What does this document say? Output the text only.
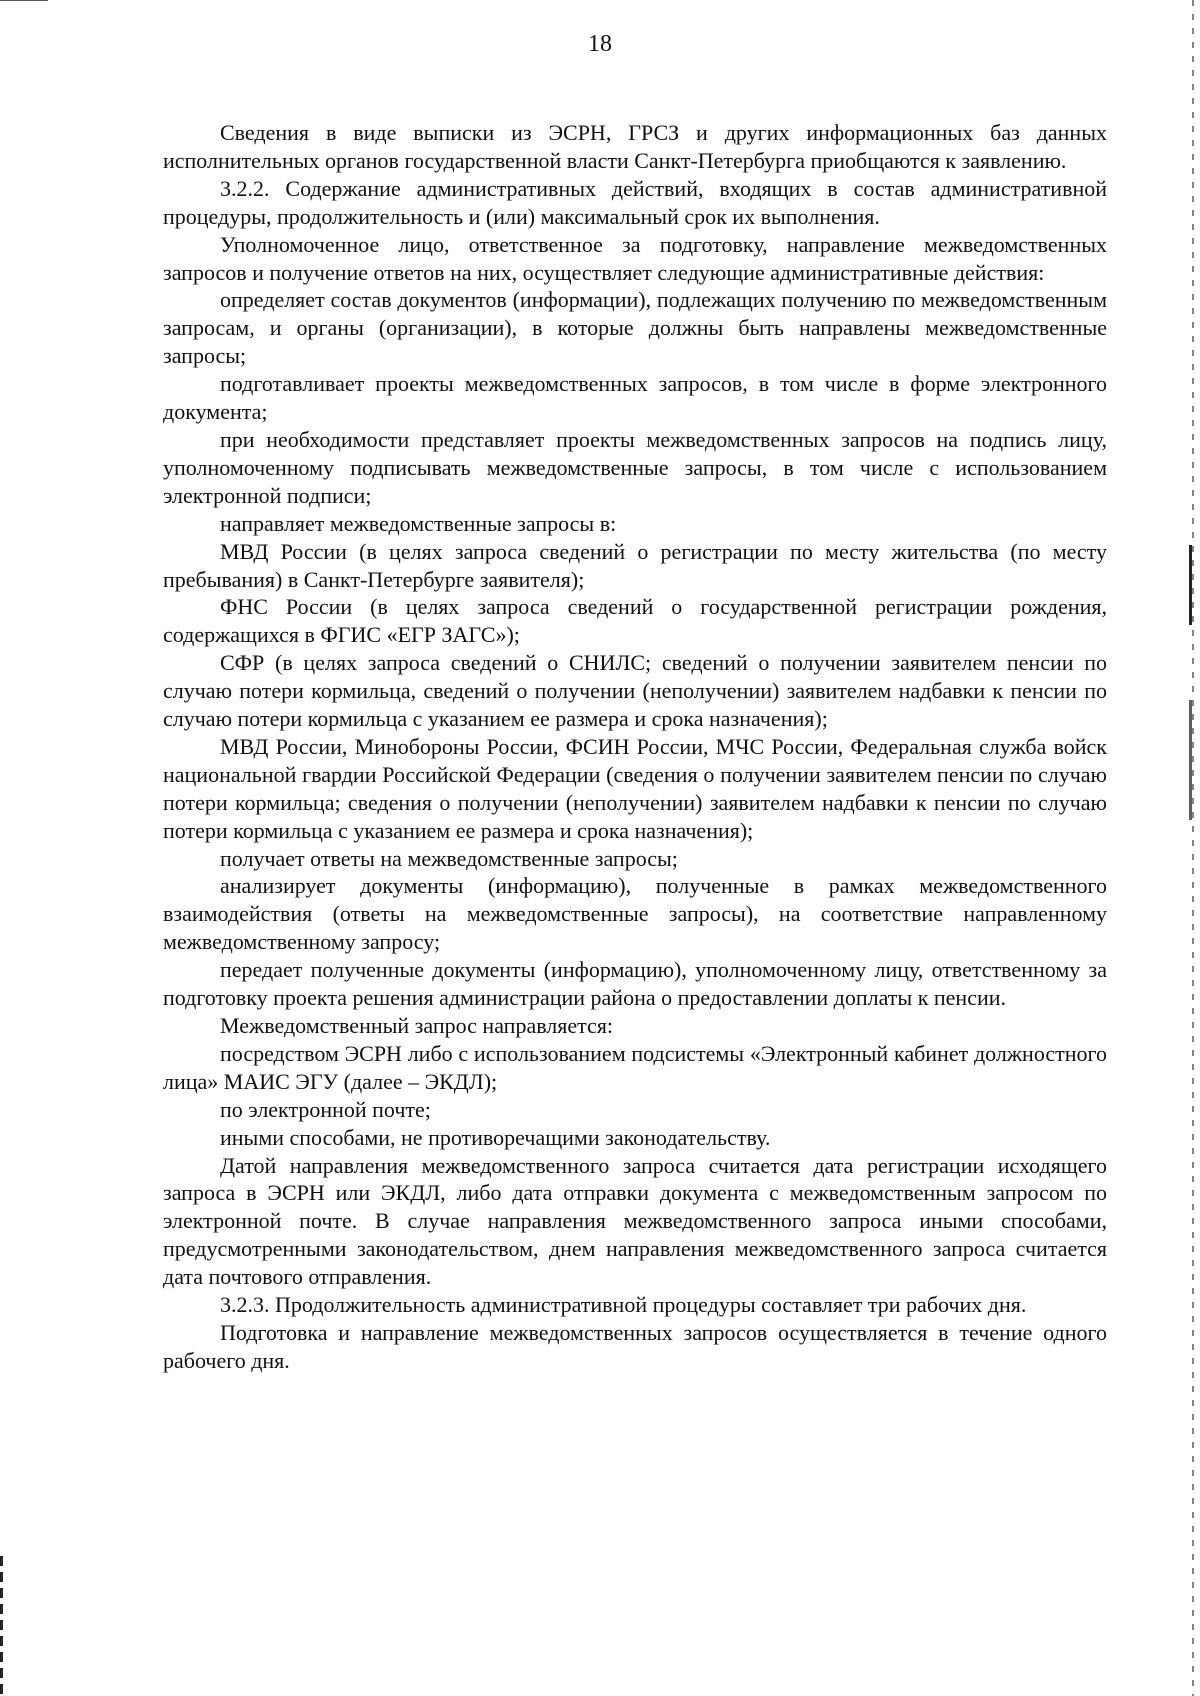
18

Сведения в виде выписки из ЭСРН, ГРСЗ и других информационных баз данных исполнительных органов государственной власти Санкт-Петербурга приобщаются к заявлению.

3.2.2. Содержание административных действий, входящих в состав административной процедуры, продолжительность и (или) максимальный срок их выполнения.

Уполномоченное лицо, ответственное за подготовку, направление межведомственных запросов и получение ответов на них, осуществляет следующие административные действия:

определяет состав документов (информации), подлежащих получению по межведомственным запросам, и органы (организации), в которые должны быть направлены межведомственные запросы;

подготавливает проекты межведомственных запросов, в том числе в форме электронного документа;

при необходимости представляет проекты межведомственных запросов на подпись лицу, уполномоченному подписывать межведомственные запросы, в том числе с использованием электронной подписи;

направляет межведомственные запросы в:

МВД России (в целях запроса сведений о регистрации по месту жительства (по месту пребывания) в Санкт-Петербурге заявителя);

ФНС России (в целях запроса сведений о государственной регистрации рождения, содержащихся в ФГИС «ЕГР ЗАГС»);

СФР (в целях запроса сведений о СНИЛС; сведений о получении заявителем пенсии по случаю потери кормильца, сведений о получении (неполучении) заявителем надбавки к пенсии по случаю потери кормильца с указанием ее размера и срока назначения);

МВД России, Минобороны России, ФСИН России, МЧС России, Федеральная служба войск национальной гвардии Российской Федерации (сведения о получении заявителем пенсии по случаю потери кормильца; сведения о получении (неполучении) заявителем надбавки к пенсии по случаю потери кормильца с указанием ее размера и срока назначения);

получает ответы на межведомственные запросы;

анализирует документы (информацию), полученные в рамках межведомственного взаимодействия (ответы на межведомственные запросы), на соответствие направленному межведомственному запросу;

передает полученные документы (информацию), уполномоченному лицу, ответственному за подготовку проекта решения администрации района о предоставлении доплаты к пенсии.

Межведомственный запрос направляется:

посредством ЭСРН либо с использованием подсистемы «Электронный кабинет должностного лица» МАИС ЭГУ (далее – ЭКДЛ);

по электронной почте;

иными способами, не противоречащими законодательству.

Датой направления межведомственного запроса считается дата регистрации исходящего запроса в ЭСРН или ЭКДЛ, либо дата отправки документа с межведомственным запросом по электронной почте. В случае направления межведомственного запроса иными способами, предусмотренными законодательством, днем направления межведомственного запроса считается дата почтового отправления.

3.2.3. Продолжительность административной процедуры составляет три рабочих дня.

Подготовка и направление межведомственных запросов осуществляется в течение одного рабочего дня.
